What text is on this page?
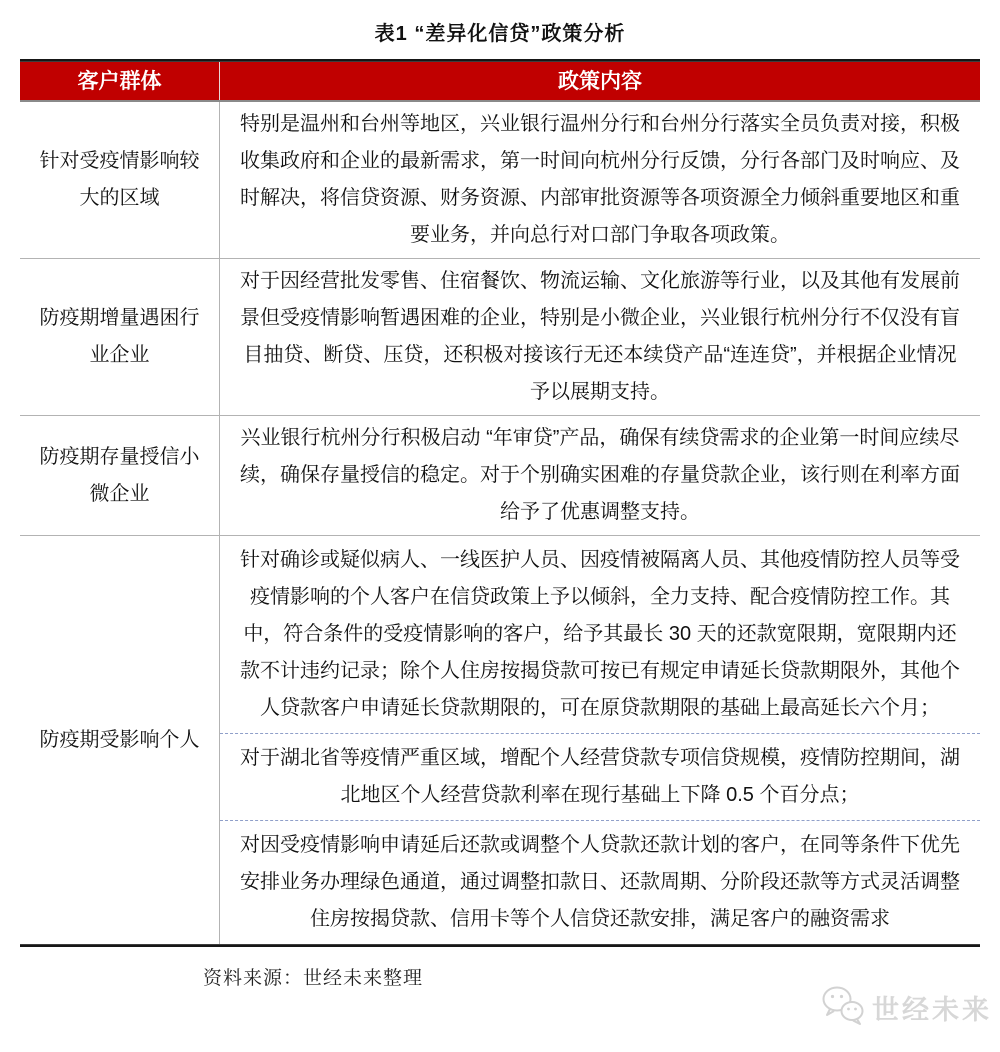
表1 “差异化信贷”政策分析
客户群体	政策内容
针对受疫情影响较大的区域
特别是温州和台州等地区，兴业银行温州分行和台州分行落实全员负责对接，积极收集政府和企业的最新需求，第一时间向杭州分行反馈，分行各部门及时响应、及时解决，将信贷资源、财务资源、内部审批资源等各项资源全力倾斜重要地区和重要业务，并向总行对口部门争取各项政策。
防疫期增量遇困行业企业
对于因经营批发零售、住宿餐饮、物流运输、文化旅游等行业，以及其他有发展前景但受疫情影响暂遇困难的企业，特别是小微企业，兴业银行杭州分行不仅没有盲目抽贷、断贷、压贷，还积极对接该行无还本续贷产品“连连贷”，并根据企业情况予以展期支持。
防疫期存量授信小微企业
兴业银行杭州分行积极启动 “年审贷”产品，确保有续贷需求的企业第一时间应续尽续，确保存量授信的稳定。对于个别确实困难的存量贷款企业，该行则在利率方面给予了优惠调整支持。
防疫期受影响个人
针对确诊或疑似病人、一线医护人员、因疫情被隔离人员、其他疫情防控人员等受疫情影响的个人客户在信贷政策上予以倾斜，全力支持、配合疫情防控工作。其中，符合条件的受疫情影响的客户，给予其最长 30 天的还款宽限期，宽限期内还款不计违约记录；除个人住房按揭贷款可按已有规定申请延长贷款期限外，其他个人贷款客户申请延长贷款期限的，可在原贷款期限的基础上最高延长六个月；
对于湖北省等疫情严重区域，增配个人经营贷款专项信贷规模，疫情防控期间，湖北地区个人经营贷款利率在现行基础上下降 0.5 个百分点；
对因受疫情影响申请延后还款或调整个人贷款还款计划的客户，在同等条件下优先安排业务办理绿色通道，通过调整扣款日、还款周期、分阶段还款等方式灵活调整住房按揭贷款、信用卡等个人信贷还款安排，满足客户的融资需求
资料来源：世经未来整理
世经未来
